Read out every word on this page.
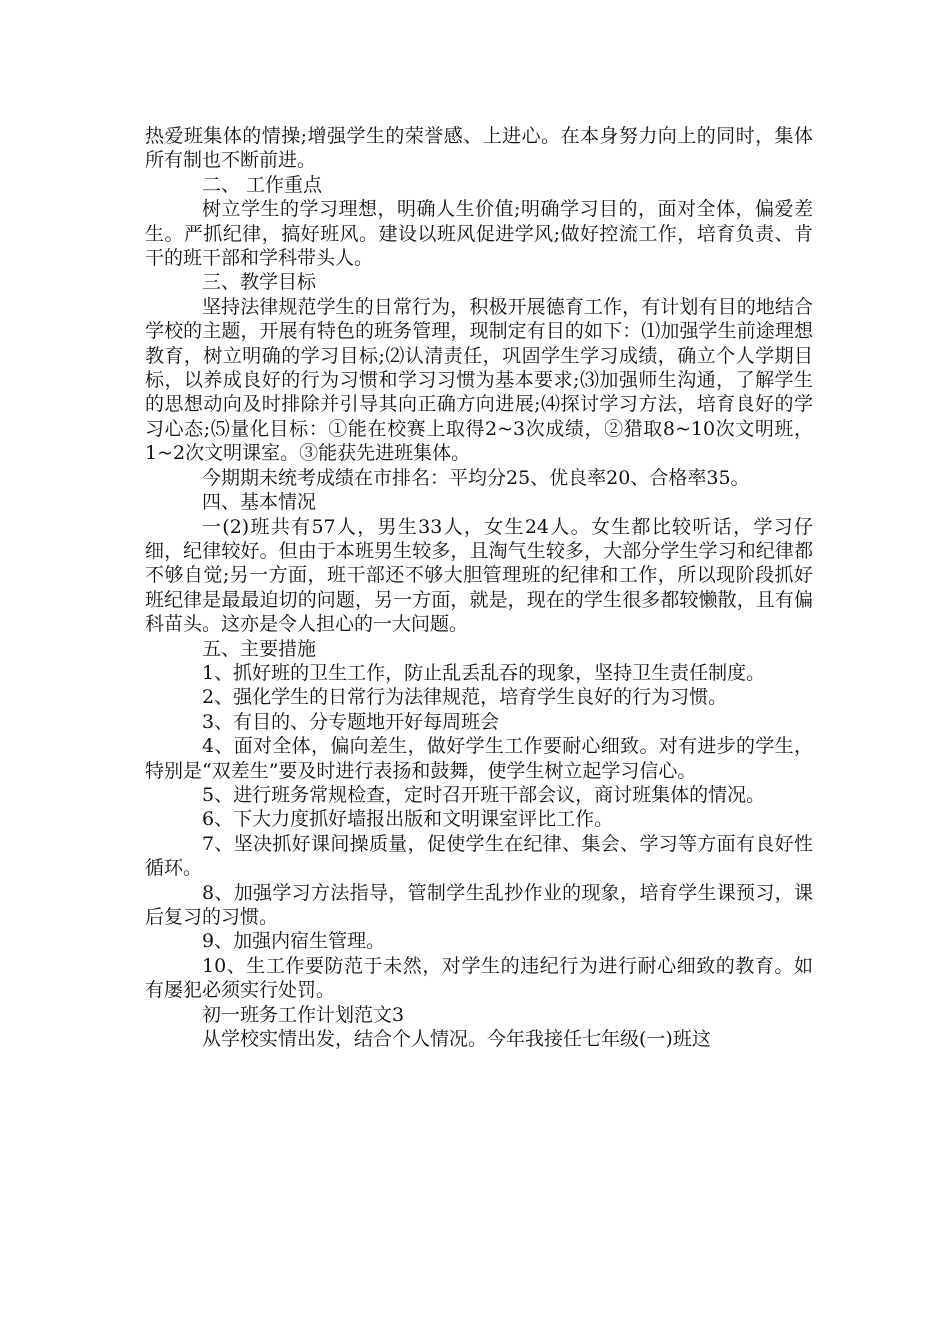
热爱班集体的情操;增强学生的荣誉感、上进心。在本身努力向上的同时，集体所有制也不断前进。

二、 工作重点

树立学生的学习理想，明确人生价值;明确学习目的，面对全体，偏爱差生。严抓纪律，搞好班风。建设以班风促进学风;做好控流工作，培育负责、肯干的班干部和学科带头人。

三、教学目标

坚持法律规范学生的日常行为，积极开展德育工作，有计划有目的地结合学校的主题，开展有特色的班务管理，现制定有目的如下：⑴加强学生前途理想教育，树立明确的学习目标;⑵认清责任，巩固学生学习成绩，确立个人学期目标，以养成良好的行为习惯和学习习惯为基本要求;⑶加强师生沟通，了解学生的思想动向及时排除并引导其向正确方向进展;⑷探讨学习方法，培育良好的学习心态;⑸量化目标：①能在校赛上取得2~3次成绩，②猎取8~10次文明班，1~2次文明课室。③能获先进班集体。

今期期未统考成绩在市排名：平均分25、优良率20、合格率35。

四、基本情况

一(2)班共有57人，男生33人，女生24人。女生都比较听话，学习仔细，纪律较好。但由于本班男生较多，且淘气生较多，大部分学生学习和纪律都不够自觉;另一方面，班干部还不够大胆管理班的纪律和工作，所以现阶段抓好班纪律是最最迫切的问题，另一方面，就是，现在的学生很多都较懒散，且有偏科苗头。这亦是令人担心的一大问题。

五、主要措施

1、抓好班的卫生工作，防止乱丢乱吞的现象，坚持卫生责任制度。

2、强化学生的日常行为法律规范，培育学生良好的行为习惯。

3、有目的、分专题地开好每周班会

4、面对全体，偏向差生，做好学生工作要耐心细致。对有进步的学生，特别是“双差生”要及时进行表扬和鼓舞，使学生树立起学习信心。

5、进行班务常规检查，定时召开班干部会议，商讨班集体的情况。

6、下大力度抓好墙报出版和文明课室评比工作。

7、坚决抓好课间操质量，促使学生在纪律、集会、学习等方面有良好性循环。

8、加强学习方法指导，管制学生乱抄作业的现象，培育学生课预习，课后复习的习惯。

9、加强内宿生管理。

10、生工作要防范于未然，对学生的违纪行为进行耐心细致的教育。如有屡犯必须实行处罚。

初一班务工作计划范文3

从学校实情出发，结合个人情况。今年我接任七年级(一)班这
